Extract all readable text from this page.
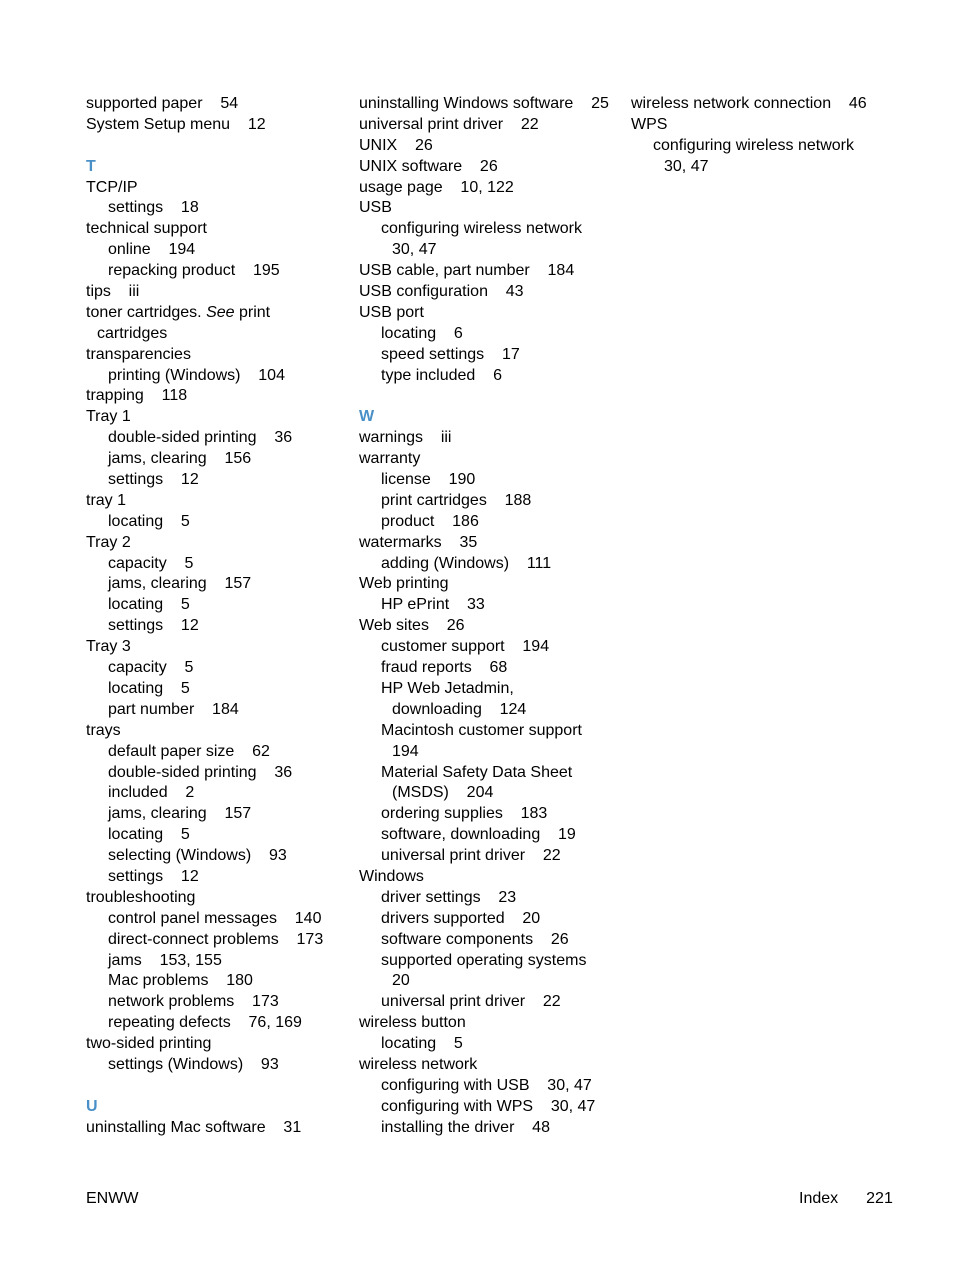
supported paper    54
System Setup menu    12
T
TCP/IP
settings    18
technical support
online    194
repacking product    195
tips    iii
toner cartridges. See print
cartridges
transparencies
printing (Windows)    104
trapping    118
Tray 1
double-sided printing    36
jams, clearing    156
settings    12
tray 1
locating    5
Tray 2
capacity    5
jams, clearing    157
locating    5
settings    12
Tray 3
capacity    5
locating    5
part number    184
trays
default paper size    62
double-sided printing    36
included    2
jams, clearing    157
locating    5
selecting (Windows)    93
settings    12
troubleshooting
control panel messages    140
direct-connect problems    173
jams    153, 155
Mac problems    180
network problems    173
repeating defects    76, 169
two-sided printing
settings (Windows)    93
U
uninstalling Mac software    31
uninstalling Windows software    25
universal print driver    22
UNIX    26
UNIX software    26
usage page    10, 122
USB
configuring wireless network
30, 47
USB cable, part number    184
USB configuration    43
USB port
locating    6
speed settings    17
type included    6
W
warnings    iii
warranty
license    190
print cartridges    188
product    186
watermarks    35
adding (Windows)    111
Web printing
HP ePrint    33
Web sites    26
customer support    194
fraud reports    68
HP Web Jetadmin,
downloading    124
Macintosh customer support
194
Material Safety Data Sheet
(MSDS)    204
ordering supplies    183
software, downloading    19
universal print driver    22
Windows
driver settings    23
drivers supported    20
software components    26
supported operating systems
20
universal print driver    22
wireless button
locating    5
wireless network
configuring with USB    30, 47
configuring with WPS    30, 47
installing the driver    48
wireless network connection    46
WPS
configuring wireless network
30, 47
ENWW	Index 221
